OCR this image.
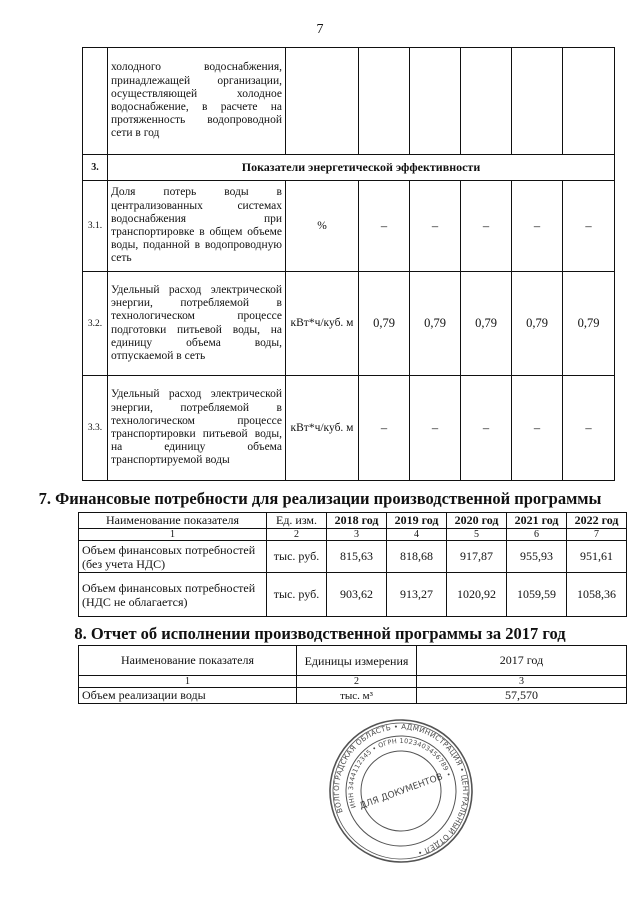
7
	холодного водоснабжения, принадлежащей организации, осуществляющей холодное водоснабжение, в расчете на протяженность водопроводной сети в год						
3.	Показатели энергетической эффективности						
3.1.	Доля потерь воды в централизованных системах водоснабжения при транспортировке в общем объеме воды, поданной в водопроводную сеть	%	–	–	–	–	–
3.2.	Удельный расход электрической энергии, потребляемой в технологическом процессе подготовки питьевой воды, на единицу объема воды, отпускаемой в сеть	кВт*ч/куб. м	0,79	0,79	0,79	0,79	0,79
3.3.	Удельный расход электрической энергии, потребляемой в технологическом процессе транспортировки питьевой воды, на единицу объема транспортируемой воды	кВт*ч/куб. м	–	–	–	–	–
7. Финансовые потребности для реализации производственной программы
Наименование показателя	Ед. изм.	2018 год	2019 год	2020 год	2021 год	2022 год
1	2	3	4	5	6	7
Объем финансовых потребностей (без учета НДС)	тыс. руб.	815,63	818,68	917,87	955,93	951,61
Объем финансовых потребностей (НДС не облагается)	тыс. руб.	903,62	913,27	1020,92	1059,59	1058,36
8. Отчет об исполнении производственной программы за 2017 год
Наименование показателя	Единицы измерения	2017 год
1	2	3
Объем реализации воды	тыс. м³	57,570
ВОЛГОГРАДСКАЯ ОБЛАСТЬ • АДМИНИСТРАЦИЯ • ЦЕНТРАЛЬНЫЙ ОТДЕЛ •
ИНН 3444112345 • ОГРН 1023403456789 •
ДЛЯ ДОКУМЕНТОВ
